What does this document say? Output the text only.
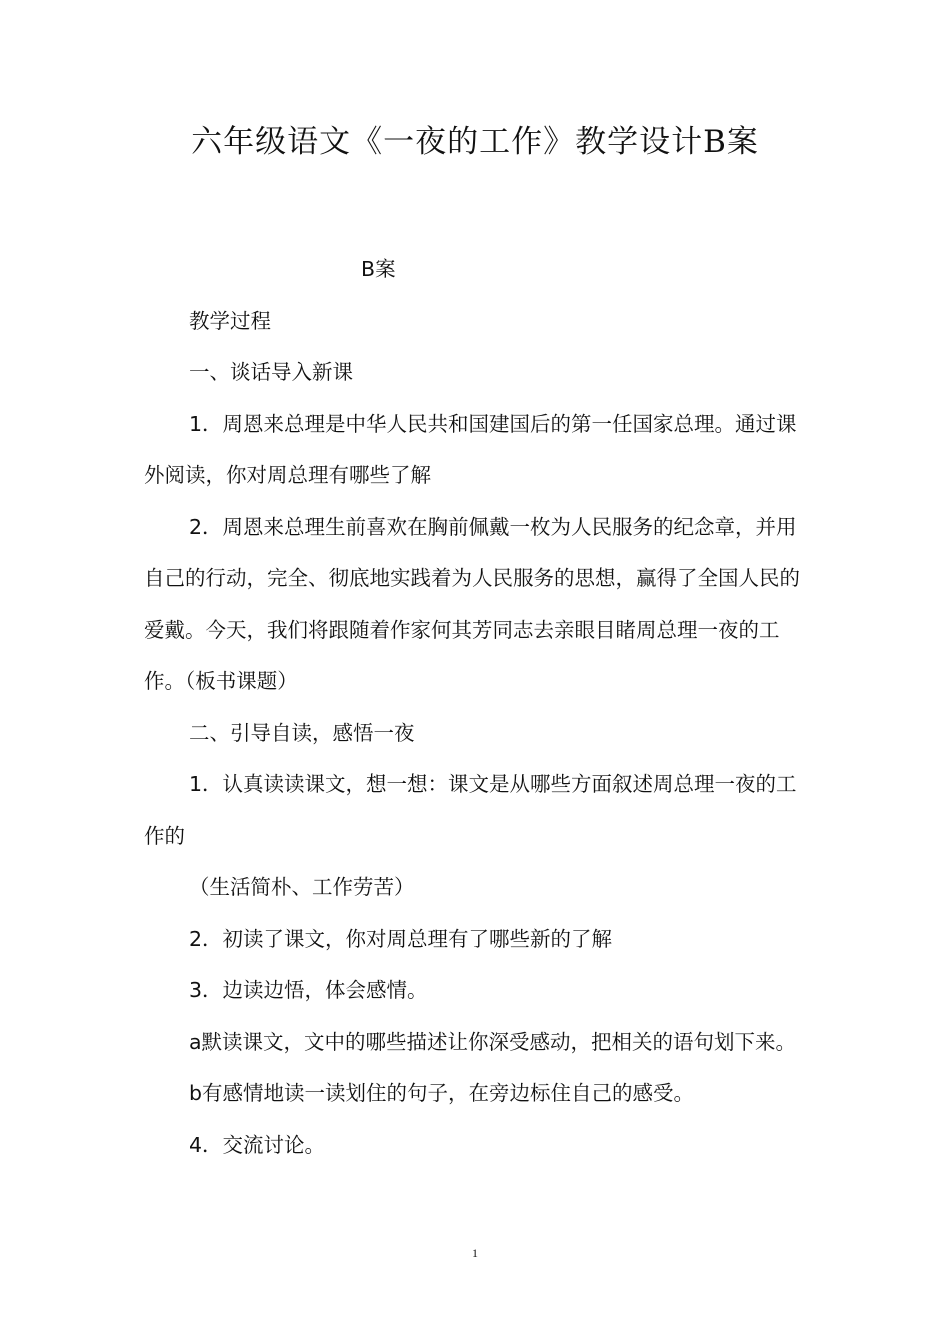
六年级语文《一夜的工作》教学设计B案

B案

教学过程

一、谈话导入新课

1．周恩来总理是中华人民共和国建国后的第一任国家总理。通过课外阅读，你对周总理有哪些了解

2．周恩来总理生前喜欢在胸前佩戴一枚为人民服务的纪念章，并用自己的行动，完全、彻底地实践着为人民服务的思想，赢得了全国人民的爱戴。今天，我们将跟随着作家何其芳同志去亲眼目睹周总理一夜的工作。（板书课题）

二、引导自读，感悟一夜

1．认真读读课文，想一想：课文是从哪些方面叙述周总理一夜的工作的

（生活简朴、工作劳苦）

2．初读了课文，你对周总理有了哪些新的了解

3．边读边悟，体会感情。

a默读课文，文中的哪些描述让你深受感动，把相关的语句划下来。

b有感情地读一读划住的句子，在旁边标住自己的感受。

4．交流讨论。

1
